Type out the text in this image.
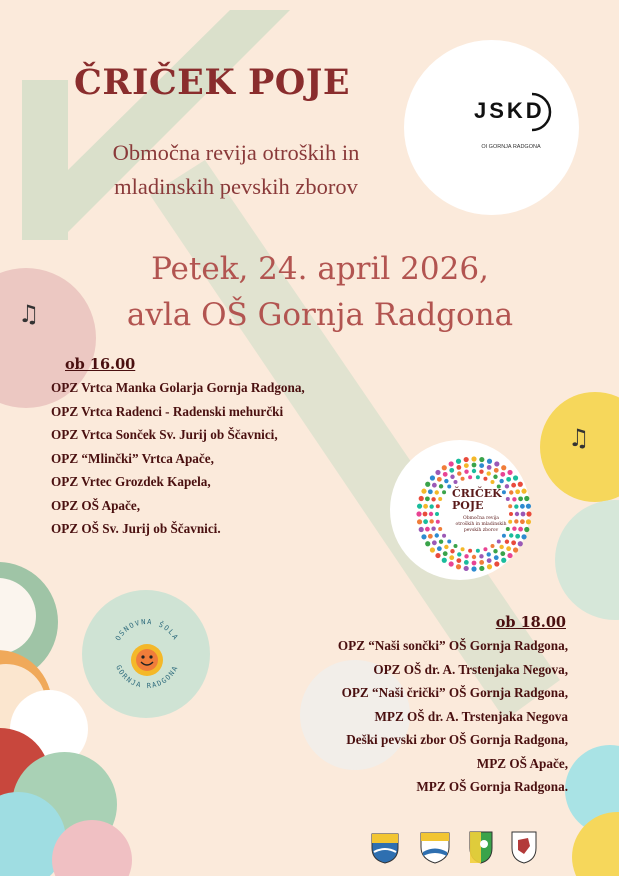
ČRIČEK POJE
Območna revija otroških in
mladinskih pevskih zborov
Petek, 24. april 2026,
avla OŠ Gornja Radgona
JSKD
OI GORNJA RADGONA
♫
♫
ob 16.00
OPZ Vrtca Manka Golarja Gornja Radgona,
OPZ Vrtca Radenci - Radenski mehurčki
OPZ Vrtca Sonček Sv. Jurij ob Ščavnici,
OPZ “Mlinčki” Vrtca Apače,
OPZ Vrtec Grozdek Kapela,
OPZ OŠ Apače,
OPZ OŠ Sv. Jurij ob Ščavnici.
ČRIČEK
POJE
Območna revija
otroških in mladinskih
pevskih zborov
OSNOVNA ŠOLA
GORNJA RADGONA
ob 18.00
OPZ “Naši sončki” OŠ Gornja Radgona,
OPZ OŠ dr. A. Trstenjaka Negova,
OPZ “Naši črički” OŠ Gornja Radgona,
MPZ OŠ dr. A. Trstenjaka Negova
Deški pevski zbor OŠ Gornja Radgona,
MPZ OŠ Apače,
MPZ OŠ Gornja Radgona.
